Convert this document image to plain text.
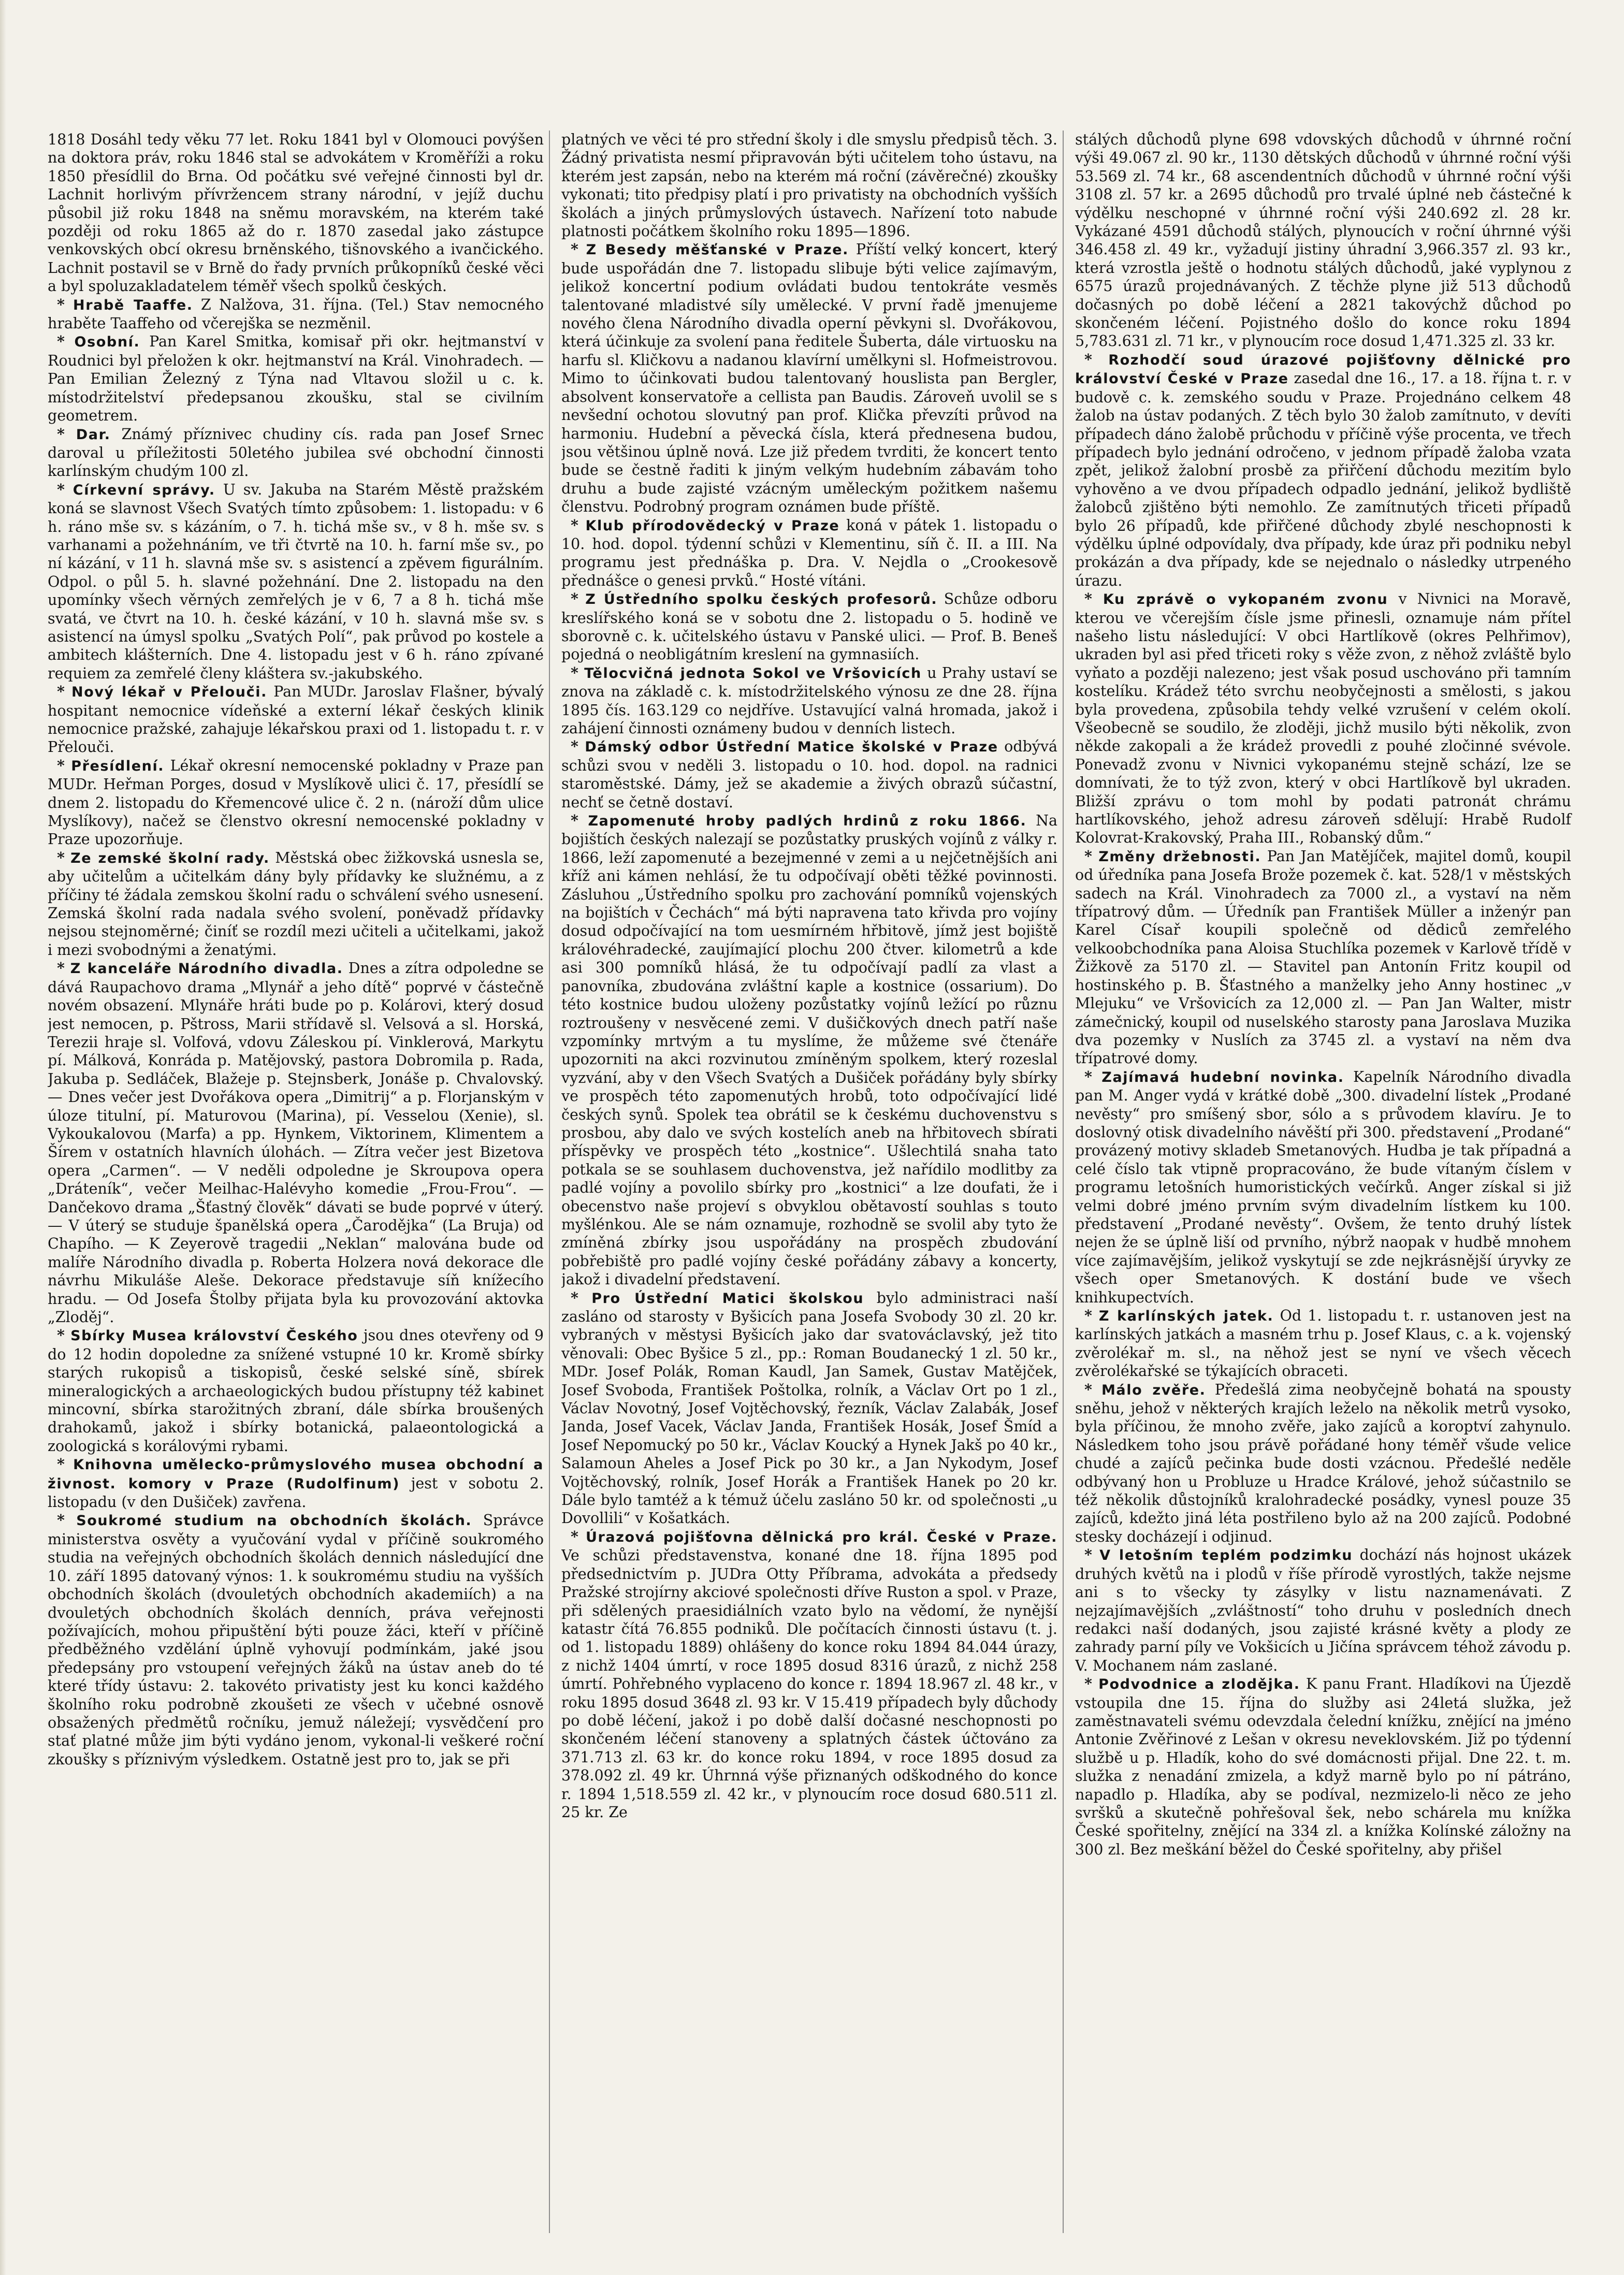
1818 Dosáhl tedy věku 77 let. Roku 1841 byl v Olomouci povýšen na doktora práv, roku 1846 stal se advokátem v Kroměříži a roku 1850 přesídlil do Brna. Od počátku své veřejné činnosti byl dr. Lachnit horlivým přívržencem strany národní, v jejíž duchu působil již roku 1848 na sněmu moravském, na kterém také později od roku 1865 až do r. 1870 zasedal jako zástupce venkovských obcí okresu brněnského, tišnovského a ivančického. Lachnit postavil se v Brně do řady prvních průkopníků české věci a byl spoluzakladatelem téměř všech spolků českých.

* Hrabě Taaffe. Z Nalžova, 31. října. (Tel.) Stav nemocného hraběte Taaffeho od včerejška se nezměnil.

* Osobní. Pan Karel Smitka, komisař při okr. hejtmanství v Roudnici byl přeložen k okr. hejtmanství na Král. Vinohradech. — Pan Emilian Železný z Týna nad Vltavou složil u c. k. místodržitelství předepsanou zkoušku, stal se civilním geometrem.

* Dar. Známý příznivec chudiny cís. rada pan Josef Srnec daroval u příležitosti 50letého jubilea své obchodní činnosti karlínským chudým 100 zl.

* Církevní správy. U sv. Jakuba na Starém Městě pražském koná se slavnost Všech Svatých tímto způsobem: 1. listopadu: v 6 h. ráno mše sv. s kázáním, o 7. h. tichá mše sv., v 8 h. mše sv. s varhanami a požehnáním, ve tři čtvrtě na 10. h. farní mše sv., po ní kázání, v 11 h. slavná mše sv. s asistencí a zpěvem figurálním. Odpol. o půl 5. h. slavné požehnání. Dne 2. listopadu na den upomínky všech věrných zemřelých je v 6, 7 a 8 h. tichá mše svatá, ve čtvrt na 10. h. české kázání, v 10 h. slavná mše sv. s asistencí na úmysl spolku „Svatých Polí“, pak průvod po kostele a ambitech klášterních. Dne 4. listopadu jest v 6 h. ráno zpívané requiem za zemřelé členy kláštera sv.-jakubského.

* Nový lékař v Přelouči. Pan MUDr. Jaroslav Flašner, bývalý hospitant nemocnice vídeňské a externí lékař českých klinik nemocnice pražské, zahajuje lékařskou praxi od 1. listopadu t. r. v Přelouči.

* Přesídlení. Lékař okresní nemocenské pokladny v Praze pan MUDr. Heřman Porges, dosud v Myslíkově ulici č. 17, přesídlí se dnem 2. listopadu do Křemencové ulice č. 2 n. (nároží dům ulice Myslíkovy), načež se členstvo okresní nemocenské pokladny v Praze upozorňuje.

* Ze zemské školní rady. Městská obec žižkovská usnesla se, aby učitelům a učitelkám dány byly přídavky ke služnému, a z příčiny té žádala zemskou školní radu o schválení svého usnesení. Zemská školní rada nadala svého svolení, poněvadž přídavky nejsou stejnoměrné; činíť se rozdíl mezi učiteli a učitelkami, jakož i mezi svobodnými a ženatými.

* Z kanceláře Národního divadla. Dnes a zítra odpoledne se dává Raupachovo drama „Mlynář a jeho dítě“ poprvé v částečně novém obsazení. Mlynáře hráti bude po p. Kolárovi, který dosud jest nemocen, p. Pštross, Marii střídavě sl. Velsová a sl. Horská, Terezii hraje sl. Volfová, vdovu Záleskou pí. Vinklerová, Markytu pí. Málková, Konráda p. Matějovský, pastora Dobromila p. Rada, Jakuba p. Sedláček, Blažeje p. Stejnsberk, Jonáše p. Chvalovský. — Dnes večer jest Dvořákova opera „Dimitrij“ a p. Florjanským v úloze titulní, pí. Maturovou (Marina), pí. Vesselou (Xenie), sl. Vykoukalovou (Marfa) a pp. Hynkem, Viktorinem, Klimentem a Šírem v ostatních hlavních úlohách. — Zítra večer jest Bizetova opera „Carmen“. — V neděli odpoledne je Skroupova opera „Dráteník“, večer Meilhac-Halévyho komedie „Frou-Frou“. — Dančekovo drama „Šťastný člověk“ dávati se bude poprvé v úterý. — V úterý se studuje španělská opera „Čarodějka“ (La Bruja) od Chapího. — K Zeyerově tragedii „Neklan“ malována bude od malíře Národního divadla p. Roberta Holzera nová dekorace dle návrhu Mikuláše Aleše. Dekorace představuje síň knížecího hradu. — Od Josefa Štolby přijata byla ku provozování aktovka „Zloděj“.

* Sbírky Musea království Českého jsou dnes otevřeny od 9 do 12 hodin dopoledne za snížené vstupné 10 kr. Kromě sbírky starých rukopisů a tiskopisů, české selské síně, sbírek mineralogických a archaeologických budou přístupny též kabinet mincovní, sbírka starožitných zbraní, dále sbírka broušených drahokamů, jakož i sbírky botanická, palaeontologická a zoologická s korálovými rybami.

* Knihovna umělecko-průmyslového musea obchodní a živnost. komory v Praze (Rudolfinum) jest v sobotu 2. listopadu (v den Dušiček) zavřena.

* Soukromé studium na obchodních školách. Správce ministerstva osvěty a vyučování vydal v příčině soukromého studia na veřejných obchodních školách dennich následující dne 10. září 1895 datovaný výnos: 1. k soukromému studiu na vyšších obchodních školách (dvouletých obchodních akademiích) a na dvouletých obchodních školách denních, práva veřejnosti požívajících, mohou připuštění býti pouze žáci, kteří v příčině předběžného vzdělání úplně vyhovují podmínkám, jaké jsou předepsány pro vstoupení veřejných žáků na ústav aneb do té které třídy ústavu: 2. takovéto privatisty jest ku konci každého školního roku podrobně zkoušeti ze všech v učebné osnově obsažených předmětů ročníku, jemuž náležejí; vysvědčení pro stať platné může jim býti vydáno jenom, vykonal-li veškeré roční zkoušky s příznivým výsledkem. Ostatně jest pro to, jak se při

platných ve věci té pro střední školy i dle smyslu předpisů těch. 3. Žádný privatista nesmí připravován býti učitelem toho ústavu, na kterém jest zapsán, nebo na kterém má roční (závěrečné) zkoušky vykonati; tito předpisy platí i pro privatisty na obchodních vyšších školách a jiných průmyslových ústavech. Nařízení toto nabude platnosti počátkem školního roku 1895—1896.

* Z Besedy měšťanské v Praze. Příští velký koncert, který bude uspořádán dne 7. listopadu slibuje býti velice zajímavým, jelikož koncertní podium ovládati budou tentokráte vesměs talentované mladistvé síly umělecké. V první řadě jmenujeme nového člena Národního divadla operní pěvkyni sl. Dvořákovou, která účinkuje za svolení pana ředitele Šuberta, dále virtuosku na harfu sl. Kličkovu a nadanou klavírní umělkyni sl. Hofmeistrovou. Mimo to účinkovati budou talentovaný houslista pan Bergler, absolvent konservatoře a cellista pan Baudis. Zároveň uvolil se s nevšední ochotou slovutný pan prof. Klička převzíti průvod na harmoniu. Hudební a pěvecká čísla, která přednesena budou, jsou většinou úplně nová. Lze již předem tvrditi, že koncert tento bude se čestně řaditi k jiným velkým hudebním zábavám toho druhu a bude zajisté vzácným uměleckým požitkem našemu členstvu. Podrobný program oznámen bude příště.

* Klub přírodovědecký v Praze koná v pátek 1. listopadu o 10. hod. dopol. týdenní schůzi v Klementinu, síň č. II. a III. Na programu jest přednáška p. Dra. V. Nejdla o „Crookesově přednášce o genesi prvků.“ Hosté vítáni.

* Z Ústředního spolku českých profesorů. Schůze odboru kreslířského koná se v sobotu dne 2. listopadu o 5. hodině ve sborovně c. k. učitelského ústavu v Panské ulici. — Prof. B. Beneš pojedná o neobligátním kreslení na gymnasiích.

* Tělocvičná jednota Sokol ve Vršovicích u Prahy ustaví se znova na základě c. k. místodržitelského výnosu ze dne 28. října 1895 čís. 163.129 co nejdříve. Ustavující valná hromada, jakož i zahájení činnosti oznámeny budou v denních listech.

* Dámský odbor Ústřední Matice školské v Praze odbývá schůzi svou v neděli 3. listopadu o 10. hod. dopol. na radnici staroměstské. Dámy, jež se akademie a živých obrazů súčastní, nechť se četně dostaví.

* Zapomenuté hroby padlých hrdinů z roku 1866. Na bojištích českých nalezají se pozůstatky pruských vojínů z války r. 1866, leží zapomenuté a bezejmenné v zemi a u nejčetnějších ani kříž ani kámen nehlásí, že tu odpočívají oběti těžké povinnosti. Zásluhou „Ústředního spolku pro zachování pomníků vojenských na bojištích v Čechách“ má býti napravena tato křivda pro vojíny dosud odpočívající na tom uesmírném hřbitově, jímž jest bojiště královéhradecké, zaujímající plochu 200 čtver. kilometrů a kde asi 300 pomníků hlásá, že tu odpočívají padlí za vlast a panovníka, zbudována zvláštní kaple a kostnice (ossarium). Do této kostnice budou uloženy pozůstatky vojínů ležící po různu roztroušeny v nesvěcené zemi. V dušičkových dnech patří naše vzpomínky mrtvým a tu myslíme, že můžeme své čtenáře upozorniti na akci rozvinutou zmíněným spolkem, který rozeslal vyzvání, aby v den Všech Svatých a Dušiček pořádány byly sbírky ve prospěch této zapomenutých hrobů, toto odpočívající lidé českých synů. Spolek tea obrátil se k českému duchovenstvu s prosbou, aby dalo ve svých kostelích aneb na hřbitovech sbírati příspěvky ve prospěch této „kostnice“. Ušlechtilá snaha tato potkala se se souhlasem duchovenstva, jež nařídilo modlitby za padlé vojíny a povolilo sbírky pro „kostnici“ a lze doufati, že i obecenstvo naše projeví s obvyklou obětavostí souhlas s touto myšlénkou. Ale se nám oznamuje, rozhodně se svolil aby tyto že zmíněná zbírky jsou uspořádány na prospěch zbudování pobřebiště pro padlé vojíny české pořádány zábavy a koncerty, jakož i divadelní představení.

* Pro Ústřední Matici školskou bylo administraci naší zasláno od starosty v Byšicích pana Josefa Svobody 30 zl. 20 kr. vybraných v městysi Byšicích jako dar svatováclavský, jež tito věnovali: Obec Byšice 5 zl., pp.: Roman Boudanecký 1 zl. 50 kr., MDr. Josef Polák, Roman Kaudl, Jan Samek, Gustav Matějček, Josef Svoboda, František Poštolka, rolník, a Václav Ort po 1 zl., Václav Novotný, Josef Vojtěchovský, řezník, Václav Zalabák, Josef Janda, Josef Vacek, Václav Janda, František Hosák, Josef Šmíd a Josef Nepomucký po 50 kr., Václav Koucký a Hynek Jakš po 40 kr., Salamoun Aheles a Josef Pick po 30 kr., a Jan Nykodym, Josef Vojtěchovský, rolník, Josef Horák a František Hanek po 20 kr. Dále bylo tamtéž a k témuž účelu zasláno 50 kr. od společnosti „u Dovollili“ v Košatkách.

* Úrazová pojišťovna dělnická pro král. České v Praze. Ve schůzi představenstva, konané dne 18. října 1895 pod předsednictvím p. JUDra Otty Příbrama, advokáta a předsedy Pražské strojírny akciové společnosti dříve Ruston a spol. v Praze, při sdělených praesidiálních vzato bylo na vědomí, že nynější katastr čítá 76.855 podniků. Dle počítacích činnosti ústavu (t. j. od 1. listopadu 1889) ohlášeny do konce roku 1894 84.044 úrazy, z nichž 1404 úmrtí, v roce 1895 dosud 8316 úrazů, z nichž 258 úmrtí. Pohřebného vyplaceno do konce r. 1894 18.967 zl. 48 kr., v roku 1895 dosud 3648 zl. 93 kr. V 15.419 případech byly důchody po době léčení, jakož i po době další dočasné neschopnosti po skončeném léčení stanoveny a splatných částek účtováno za 371.713 zl. 63 kr. do konce roku 1894, v roce 1895 dosud za 378.092 zl. 49 kr. Úhrnná výše přiznaných odškodného do konce r. 1894 1,518.559 zl. 42 kr., v plynoucím roce dosud 680.511 zl. 25 kr. Ze

stálých důchodů plyne 698 vdovských důchodů v úhrnné roční výši 49.067 zl. 90 kr., 1130 dětských důchodů v úhrnné roční výši 53.569 zl. 74 kr., 68 ascendentních důchodů v úhrnné roční výši 3108 zl. 57 kr. a 2695 důchodů pro trvalé úplné neb částečné k výdělku neschopné v úhrnné roční výši 240.692 zl. 28 kr. Vykázané 4591 důchodů stálých, plynoucích v roční úhrnné výši 346.458 zl. 49 kr., vyžadují jistiny úhradní 3,966.357 zl. 93 kr., která vzrostla ještě o hodnotu stálých důchodů, jaké vyplynou z 6575 úrazů projednávaných. Z těchže plyne již 513 důchodů dočasných po době léčení a 2821 takovýchž důchod po skončeném léčení. Pojistného došlo do konce roku 1894 5,783.631 zl. 71 kr., v plynoucím roce dosud 1,471.325 zl. 33 kr.

* Rozhodčí soud úrazové pojišťovny dělnické pro království České v Praze zasedal dne 16., 17. a 18. října t. r. v budově c. k. zemského soudu v Praze. Projednáno celkem 48 žalob na ústav podaných. Z těch bylo 30 žalob zamítnuto, v devíti případech dáno žalobě průchodu v příčině výše procenta, ve třech případech bylo jednání odročeno, v jednom případě žaloba vzata zpět, jelikož žalobní prosbě za přiřčení důchodu mezitím bylo vyhověno a ve dvou případech odpadlo jednání, jelikož bydliště žalobců zjištěno býti nemohlo. Ze zamítnutých třiceti případů bylo 26 případů, kde přiřčené důchody zbylé neschopnosti k výdělku úplné odpovídaly, dva případy, kde úraz při podniku nebyl prokázán a dva případy, kde se nejednalo o následky utrpeného úrazu.

* Ku zprávě o vykopaném zvonu v Nivnici na Moravě, kterou ve včerejším čísle jsme přinesli, oznamuje nám přítel našeho listu následující: V obci Hartlíkově (okres Pelhřimov), ukraden byl asi před třiceti roky s věže zvon, z něhož zvláště bylo vyňato a později nalezeno; jest však posud uschováno při tamním kostelíku. Krádež této svrchu neobyčejnosti a smělosti, s jakou byla provedena, způsobila tehdy velké vzrušení v celém okolí. Všeobecně se soudilo, že zloději, jichž musilo býti několik, zvon někde zakopali a že krádež provedli z pouhé zločinné svévole. Ponevadž zvonu v Nivnici vykopanému stejně schází, lze se domnívati, že to týž zvon, který v obci Hartlíkově byl ukraden. Bližší zprávu o tom mohl by podati patronát chrámu hartlíkovského, jehož adresu zároveň sdělují: Hrabě Rudolf Kolovrat-Krakovský, Praha III., Robanský dům.“

* Změny držebnosti. Pan Jan Matějíček, majitel domů, koupil od úředníka pana Josefa Brože pozemek č. kat. 528/1 v městských sadech na Král. Vinohradech za 7000 zl., a vystaví na něm třípatrový dům. — Úředník pan František Müller a inženýr pan Karel Císař koupili společně od dědiců zemřelého velkoobchodníka pana Aloisa Stuchlíka pozemek v Karlově třídě v Žižkově za 5170 zl. — Stavitel pan Antonín Fritz koupil od hostinského p. B. Šťastného a manželky jeho Anny hostinec „v Mlejuku“ ve Vršovicích za 12,000 zl. — Pan Jan Walter, mistr zámečnický, koupil od nuselského starosty pana Jaroslava Muzika dva pozemky v Nuslích za 3745 zl. a vystaví na něm dva třípatrové domy.

* Zajímavá hudební novinka. Kapelník Národního divadla pan M. Anger vydá v krátké době „300. divadelní lístek „Prodané nevěsty“ pro smíšený sbor, sólo a s průvodem klavíru. Je to doslovný otisk divadelního návěští při 300. představení „Prodané“ provázený motivy skladeb Smetanových. Hudba je tak případná a celé číslo tak vtipně propracováno, že bude vítaným číslem v programu letošních humoristických večírků. Anger získal si již velmi dobré jméno prvním svým divadelním lístkem ku 100. představení „Prodané nevěsty“. Ovšem, že tento druhý lístek nejen že se úplně liší od prvního, nýbrž naopak v hudbě mnohem více zajímavějším, jelikož vyskytují se zde nejkrásnější úryvky ze všech oper Smetanových. K dostání bude ve všech knihkupectvích.

* Z karlínských jatek. Od 1. listopadu t. r. ustanoven jest na karlínských jatkách a masném trhu p. Josef Klaus, c. a k. vojenský zvěrolékař m. sl., na něhož jest se nyní ve všech věcech zvěrolékařské se týkajících obraceti.

* Málo zvěře. Předešlá zima neobyčejně bohatá na spousty sněhu, jehož v některých krajích leželo na několik metrů vysoko, byla příčinou, že mnoho zvěře, jako zajíců a koroptví zahynulo. Následkem toho jsou právě pořádané hony téměř všude velice chudé a zajíců pečinka bude dosti vzácnou. Předešlé neděle odbývaný hon u Probluze u Hradce Králové, jehož súčastnilo se též několik důstojníků kralohradecké posádky, vynesl pouze 35 zajíců, kdežto jiná léta postřileno bylo až na 200 zajíců. Podobné stesky docházejí i odjinud.

* V letošním teplém podzimku dochází nás hojnost ukázek druhých květů na i plodů v říše přírodě vyrostlých, takže nejsme ani s to všecky ty zásylky v listu naznamenávati. Z nejzajímavějších „zvláštností“ toho druhu v posledních dnech redakci naší dodaných, jsou zajisté krásné květy a plody ze zahrady parní píly ve Vokšicích u Jičína správcem téhož závodu p. V. Mochanem nám zaslané.

* Podvodnice a zlodějka. K panu Frant. Hladíkovi na Újezdě vstoupila dne 15. října do služby asi 24letá služka, jež zaměstnavateli svému odevzdala čelední knížku, znějící na jméno Antonie Zvěřinové z Lešan v okresu neveklovském. Již po týdenní službě u p. Hladík, koho do své domácnosti přijal. Dne 22. t. m. služka z nenadání zmizela, a když marně bylo po ní pátráno, napadlo p. Hladíka, aby se podíval, nezmizelo-li něco ze jeho svršků a skutečně pohřešoval šek, nebo schárela mu knížka České spořitelny, znějící na 334 zl. a knížka Kolínské záložny na 300 zl. Bez meškání běžel do České spořitelny, aby přišel
